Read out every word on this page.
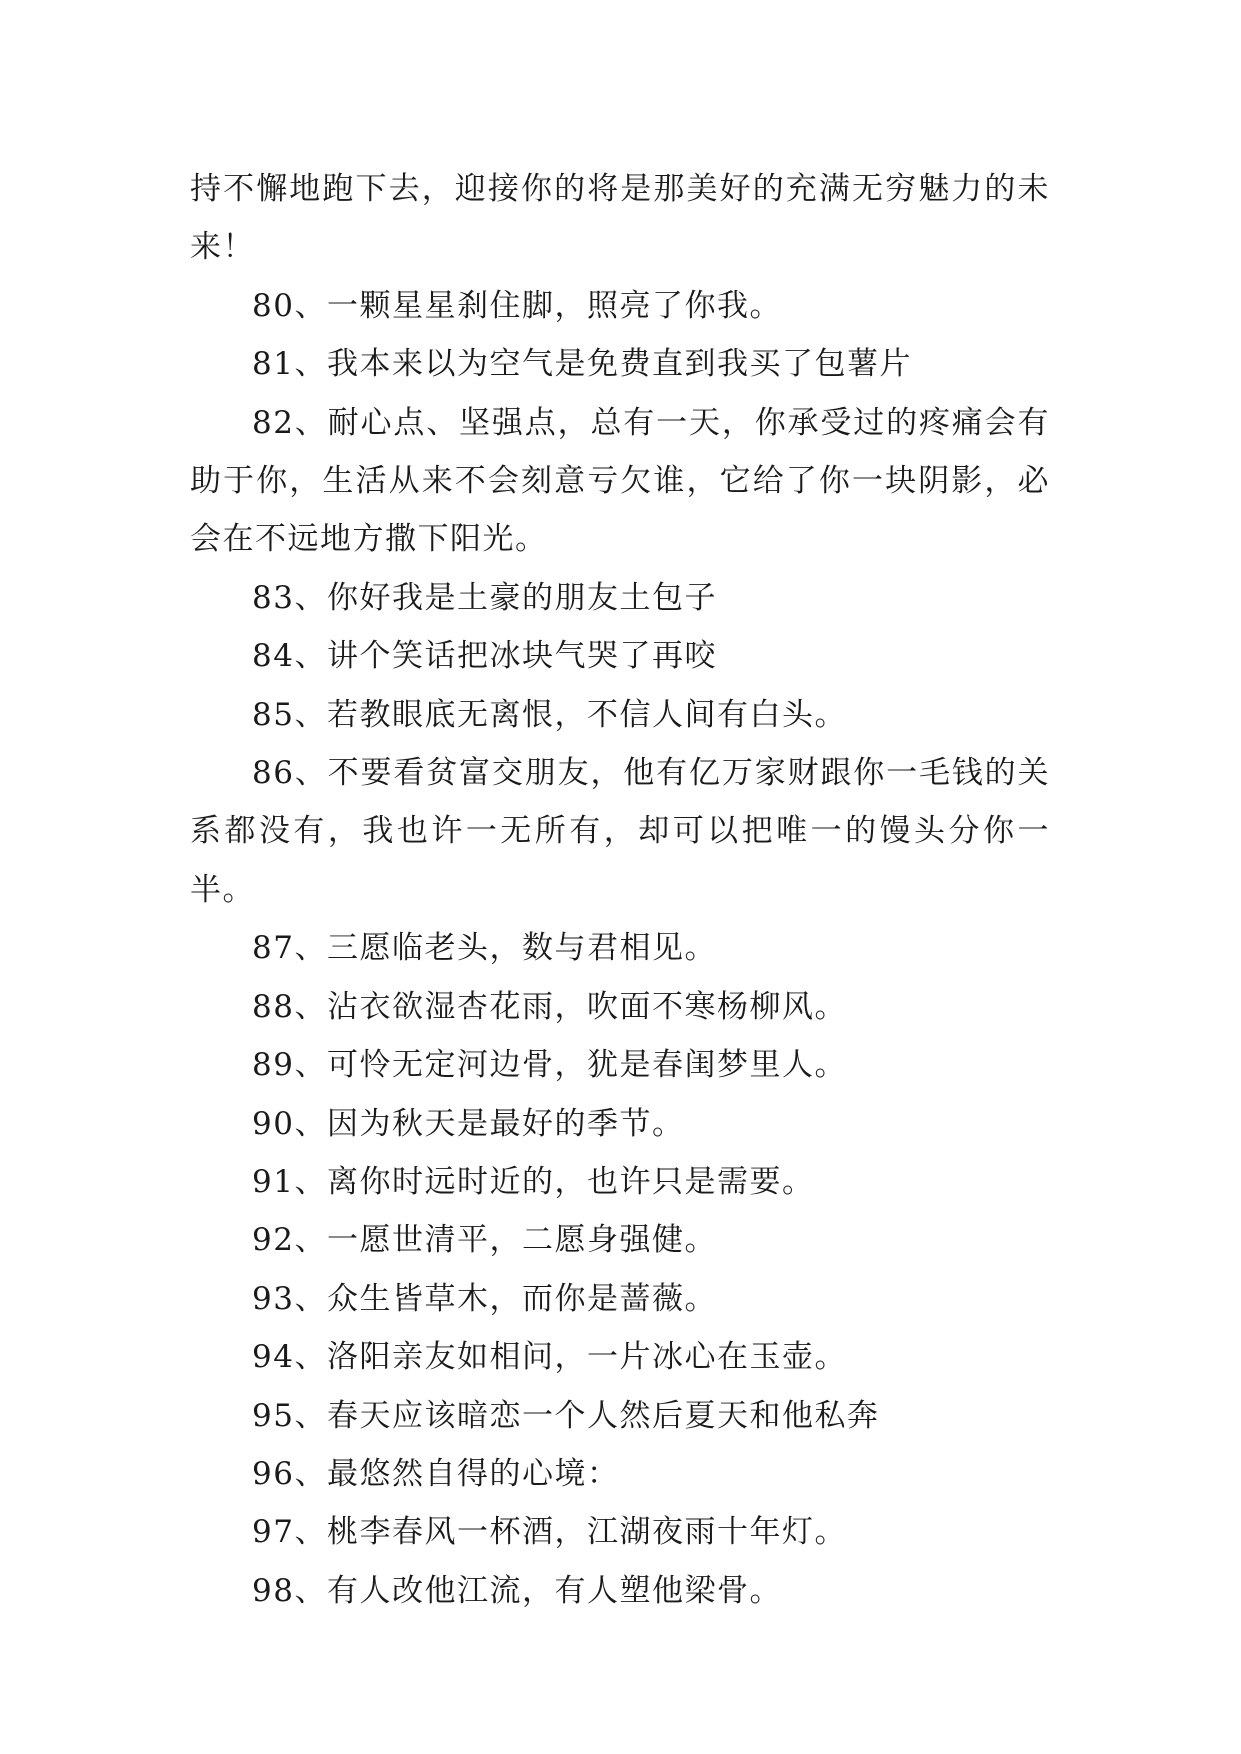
持不懈地跑下去，迎接你的将是那美好的充满无穷魅力的未来！

80、一颗星星刹住脚，照亮了你我。

81、我本来以为空气是免费直到我买了包薯片

82、耐心点、坚强点，总有一天，你承受过的疼痛会有助于你，生活从来不会刻意亏欠谁，它给了你一块阴影，必会在不远地方撒下阳光。

83、你好我是土豪的朋友土包子

84、讲个笑话把冰块气哭了再咬

85、若教眼底无离恨，不信人间有白头。

86、不要看贫富交朋友，他有亿万家财跟你一毛钱的关系都没有，我也许一无所有，却可以把唯一的馒头分你一半。

87、三愿临老头，数与君相见。

88、沾衣欲湿杏花雨，吹面不寒杨柳风。

89、可怜无定河边骨，犹是春闺梦里人。

90、因为秋天是最好的季节。

91、离你时远时近的，也许只是需要。

92、一愿世清平，二愿身强健。

93、众生皆草木，而你是蔷薇。

94、洛阳亲友如相问，一片冰心在玉壶。

95、春天应该暗恋一个人然后夏天和他私奔

96、最悠然自得的心境：

97、桃李春风一杯酒，江湖夜雨十年灯。

98、有人改他江流，有人塑他梁骨。
